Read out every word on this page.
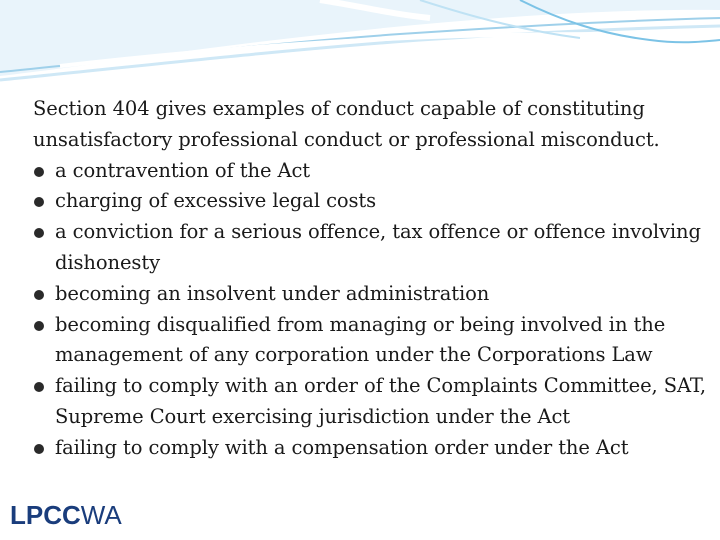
Section 404 gives examples of conduct capable of constituting unsatisfactory professional conduct or professional misconduct.

a contravention of the Act
charging of excessive legal costs
a conviction for a serious offence, tax offence or offence involving dishonesty
becoming an insolvent under administration
becoming disqualified from managing or being involved in the management of any corporation under the Corporations Law
failing to comply with an order of the Complaints Committee, SAT, Supreme Court exercising jurisdiction under the Act
failing to comply with a compensation order under the Act
LPCCWA
